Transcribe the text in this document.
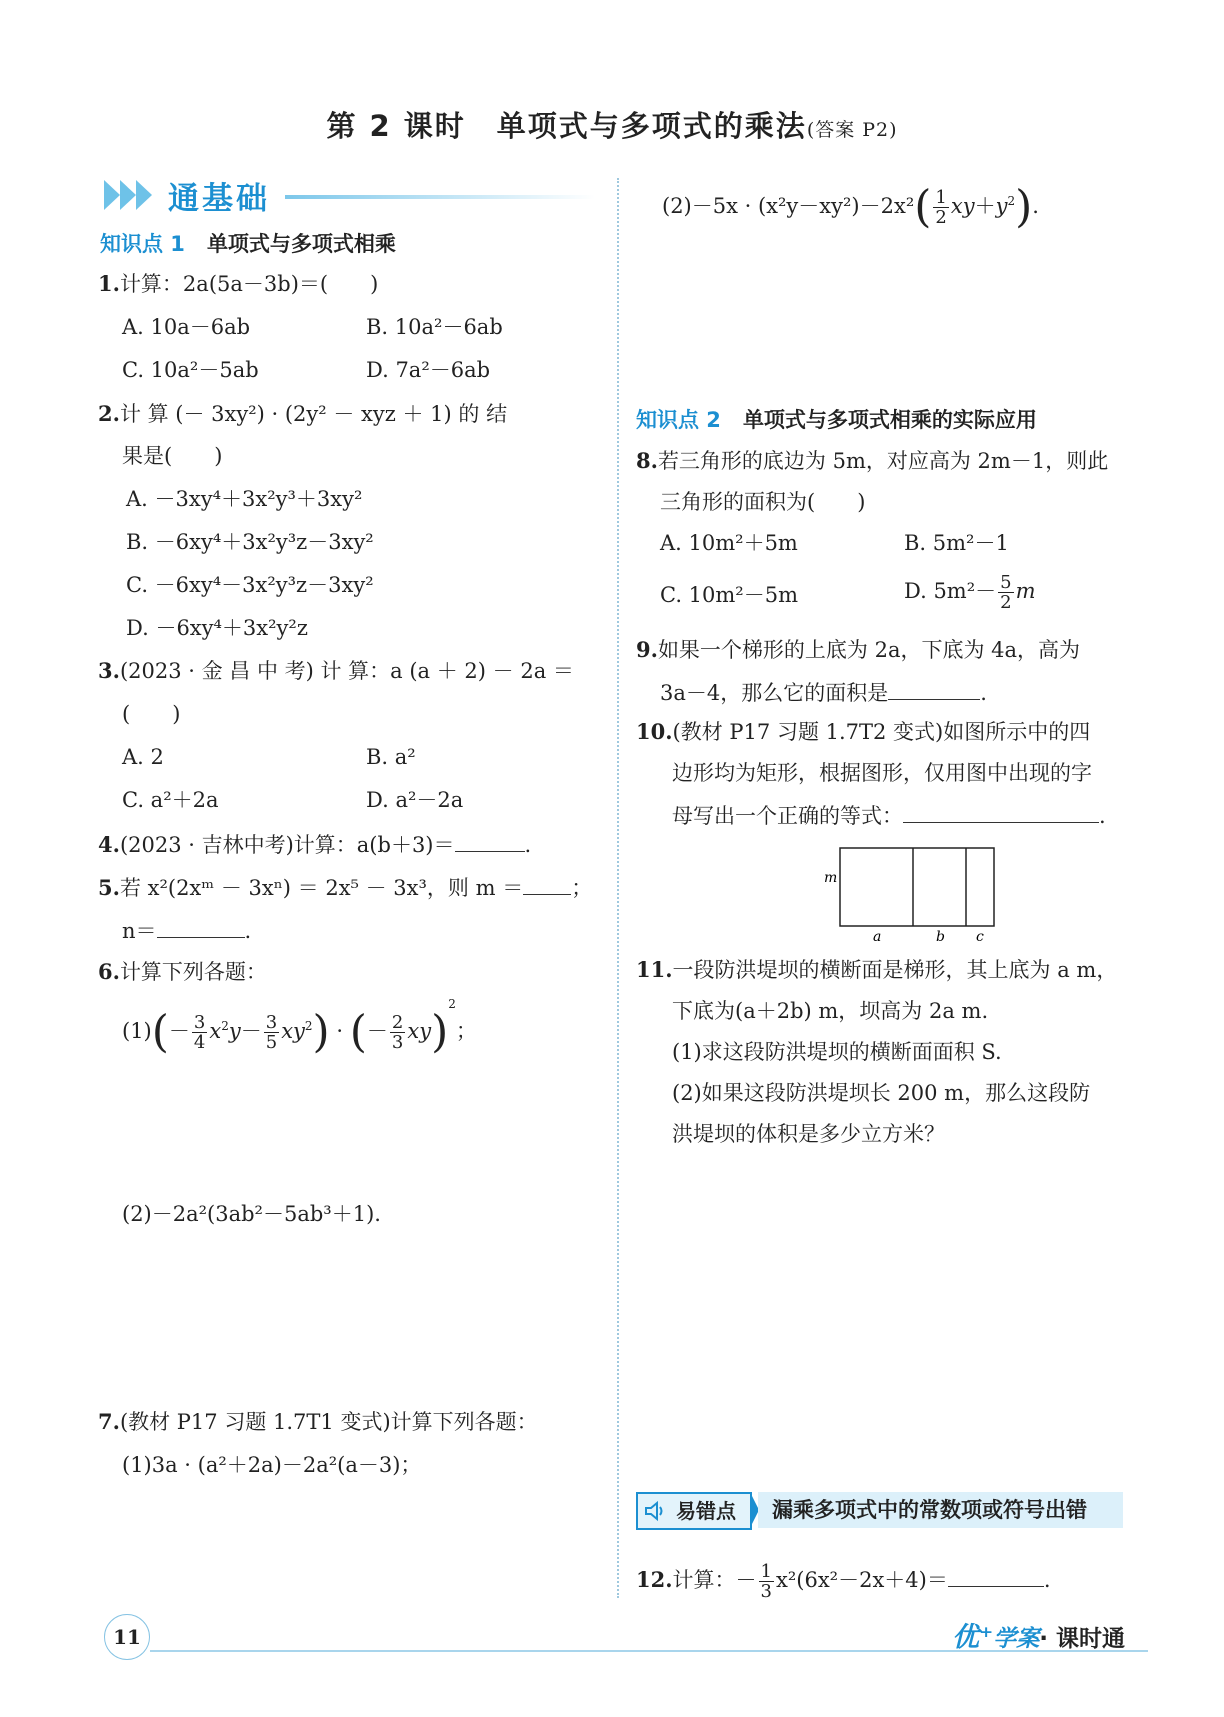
第 2 课时　单项式与多项式的乘法(答案 P2)
通基础
知识点 1 单项式与多项式相乘
1.计算：2a(5a－3b)＝(　　)
A. 10a－6ab	B. 10a²－6ab
C. 10a²－5ab	D. 7a²－6ab
2.计 算 (－ 3xy²) · (2y² － xyz ＋ 1) 的 结
果是(　　)
A. －3xy⁴＋3x²y³＋3xy²
B. －6xy⁴＋3x²y³z－3xy²
C. －6xy⁴－3x²y³z－3xy²
D. －6xy⁴＋3x²y²z
3.(2023 · 金 昌 中 考) 计 算：a (a ＋ 2) － 2a ＝
(　　)
A. 2	B. a²
C. a²＋2a	D. a²－2a
4.(2023 · 吉林中考)计算：a(b＋3)＝	.
5.若 x²(2xᵐ － 3xⁿ) ＝ 2x⁵ － 3x³，则 m ＝ ；
n＝	.
6.计算下列各题：
$(1)(- \frac{3}{4} x^2y- \frac{3}{5} xy^2)$ · (－ $\frac{2}{3} xy)^2$；
(2)－2a²(3ab²－5ab³＋1).
7.(教材 P17 习题 1.7T1 变式)计算下列各题：
(1)3a · (a²＋2a)－2a²(a－3)；
$(2)-5x \cdot (x^2y-xy^2)-2x^2( \frac{1}{2} xy+y^2)$.
知识点 2 单项式与多项式相乘的实际应用
8.若三角形的底边为 5m，对应高为 2m－1，则此
三角形的面积为(　　)
A. 10m²＋5m	B. 5m²－1
C. 10m²－5m	D. $5m^2- \frac{5}{2}$ m
9.如果一个梯形的上底为 2a，下底为 4a，高为
3a－4，那么它的面积是	.
10.(教材 P17 习题 1.7T2 变式)如图所示中的四
边形均为矩形，根据图形，仅用图中出现的字
母写出一个正确的等式：	.
m
a	b c
11.一段防洪堤坝的横断面是梯形，其上底为 a m，
下底为(a＋2b) m，坝高为 2a m.
(1)求这段防洪堤坝的横断面面积 S.
(2)如果这段防洪堤坝长 200 m，那么这段防
洪堤坝的体积是多少立方米？
易错点	漏乘多项式中的常数项或符号出错
12.计算：－ $\frac{1}{3} x^2(6x^2-2x+4)=$	.
11	优⁺学案· 课时通
